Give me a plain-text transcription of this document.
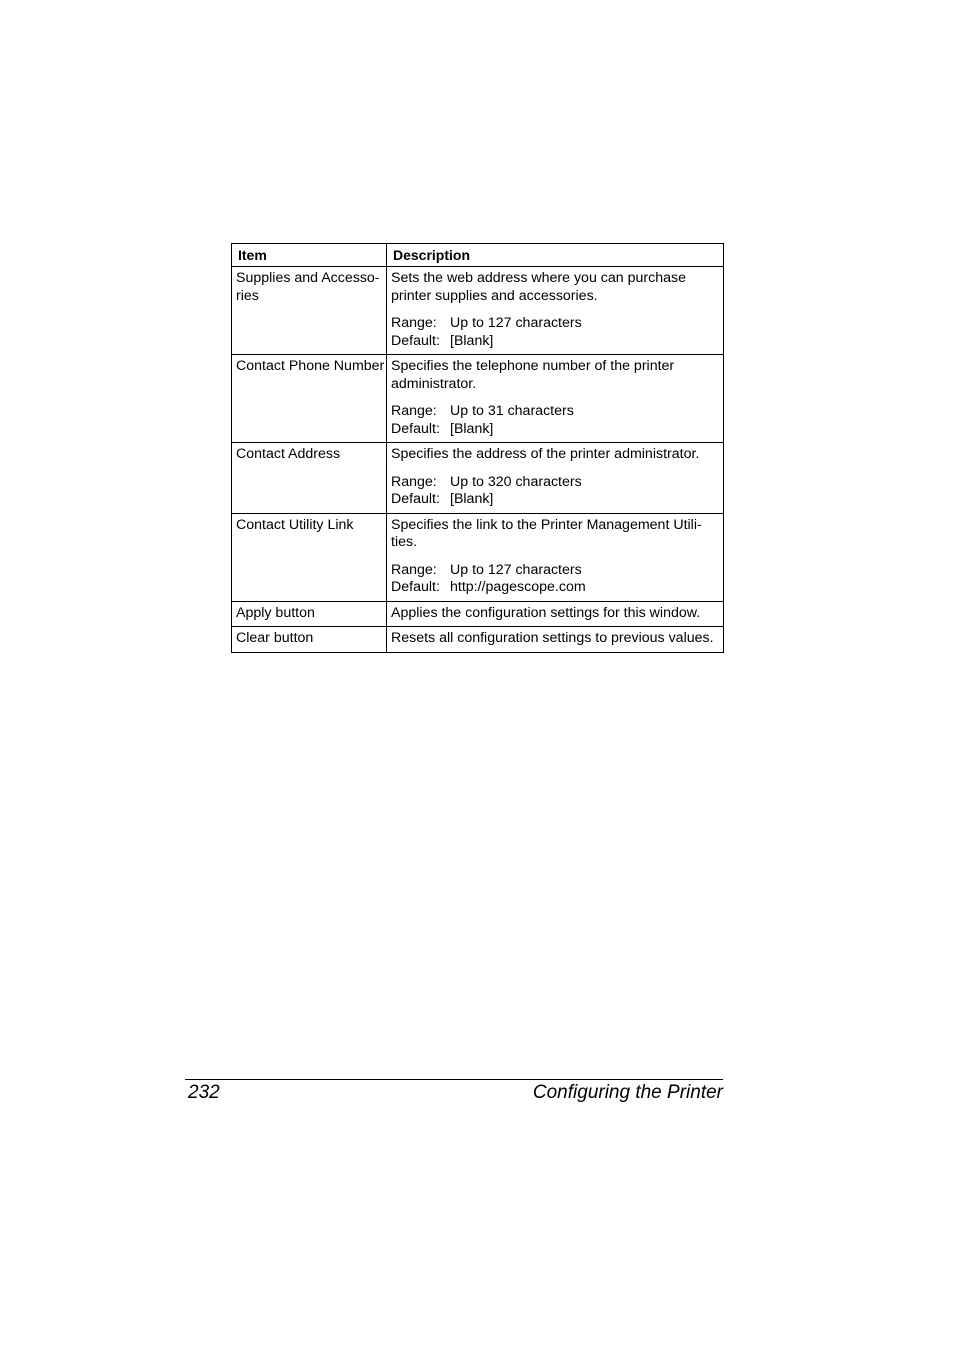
Item	Description

Supplies and Accesso-
ries	Sets the web address where you can purchase
printer supplies and accessories.
Range: Up to 127 characters
Default: [Blank]

Contact Phone Number	Specifies the telephone number of the printer
administrator.
Range: Up to 31 characters
Default: [Blank]

Contact Address	Specifies the address of the printer administrator.
Range: Up to 320 characters
Default: [Blank]

Contact Utility Link	Specifies the link to the Printer Management Utili-
ties.
Range: Up to 127 characters
Default: http://pagescope.com

Apply button	Applies the configuration settings for this window.

Clear button	Resets all configuration settings to previous values.
232	Configuring the Printer
